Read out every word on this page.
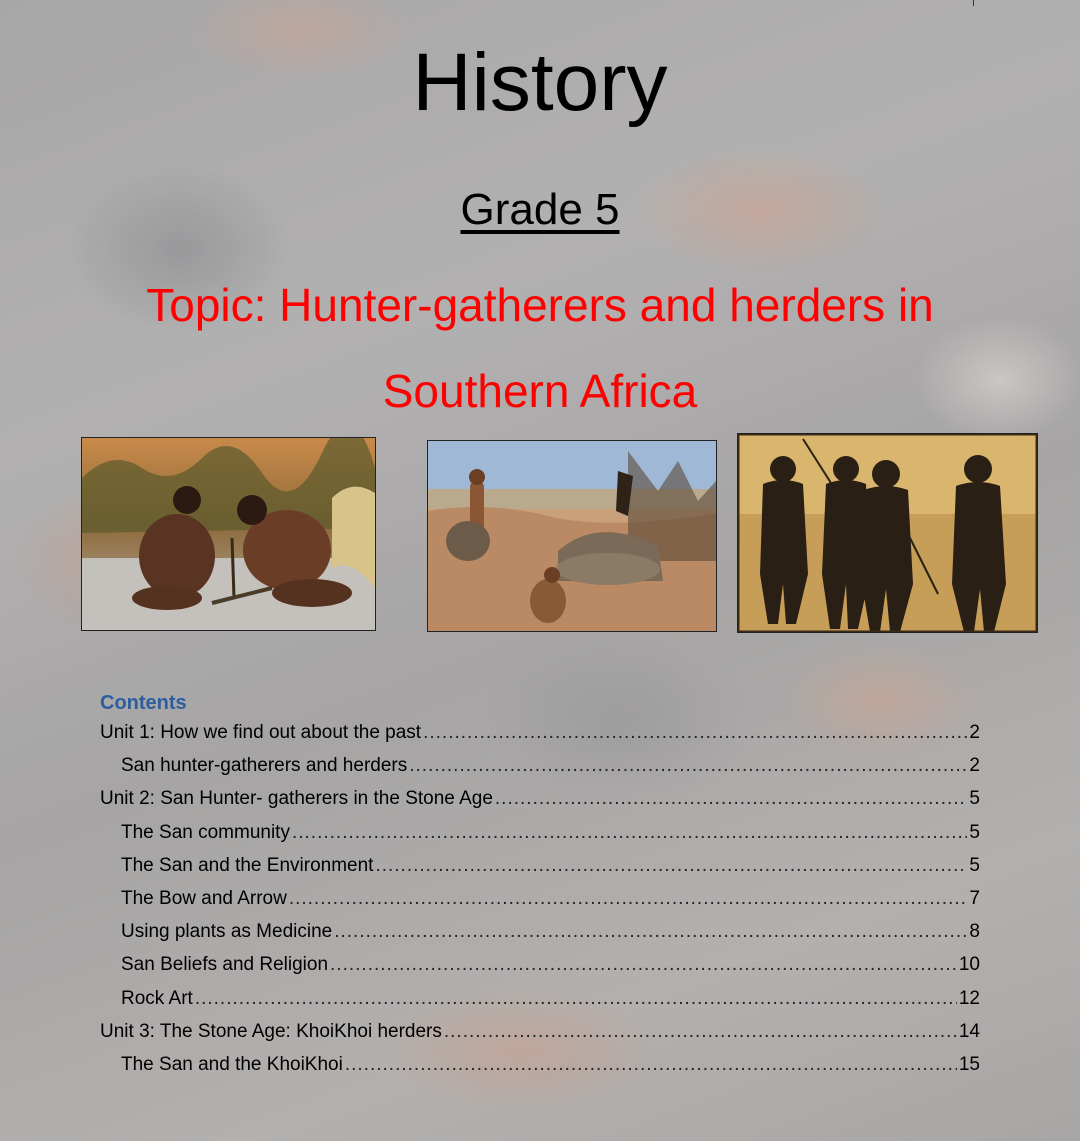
History
Grade 5
Topic: Hunter-gatherers and herders in
Southern Africa
Contents
Unit 1: How we find out about the past .....	2
San hunter-gatherers and herders .....	2
Unit 2: San Hunter- gatherers in the Stone Age .....	5
The San community .....	5
The San and the Environment .....	5
The Bow and Arrow .....	7
Using plants as Medicine .....	8
San Beliefs and Religion .....	10
Rock Art .....	12
Unit 3: The Stone Age: KhoiKhoi herders .....	14
The San and the KhoiKhoi .....	15
